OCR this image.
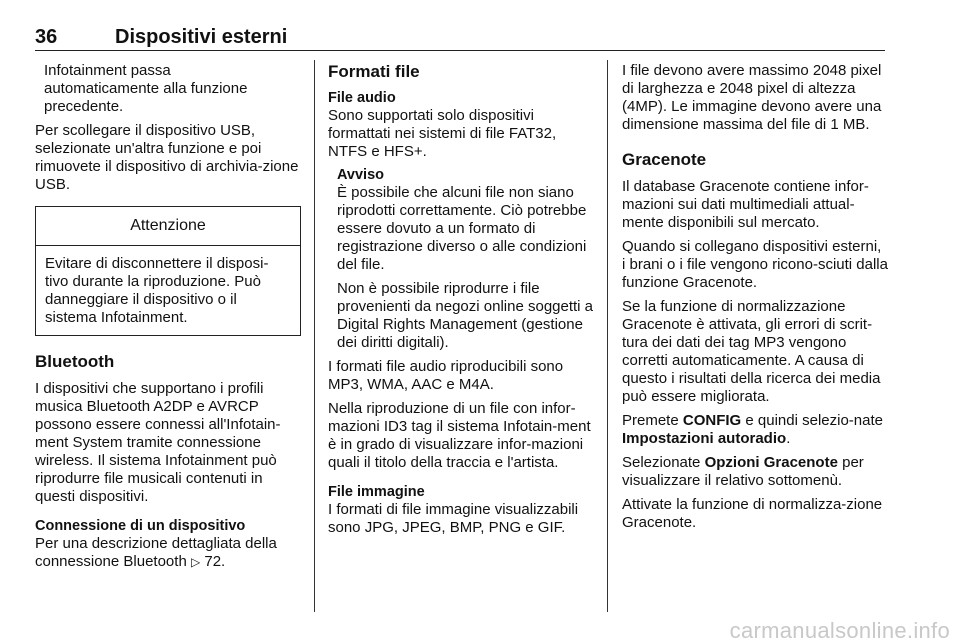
36	Dispositivi esterni

Infotainment passa automaticamente alla funzione precedente.

Per scollegare il dispositivo USB, selezionate un'altra funzione e poi rimuovete il dispositivo di archivia-zione USB.

Attenzione
Evitare di disconnettere il disposi-tivo durante la riproduzione. Può danneggiare il dispositivo o il sistema Infotainment.
Bluetooth

I dispositivi che supportano i profili musica Bluetooth A2DP e AVRCP possono essere connessi all'Infotain-ment System tramite connessione wireless. Il sistema Infotainment può riprodurre file musicali contenuti in questi dispositivi.

Connessione di un dispositivo

Per una descrizione dettagliata della connessione Bluetooth ▷ 72.

Formati file
File audio

Sono supportati solo dispositivi formattati nei sistemi di file FAT32, NTFS e HFS+.

Avviso

È possibile che alcuni file non siano riprodotti correttamente. Ciò potrebbe essere dovuto a un formato di registrazione diverso o alle condizioni del file.

Non è possibile riprodurre i file provenienti da negozi online soggetti a Digital Rights Management (gestione dei diritti digitali).

I formati file audio riproducibili sono MP3, WMA, AAC e M4A.

Nella riproduzione di un file con infor-mazioni ID3 tag il sistema Infotain-ment è in grado di visualizzare infor-mazioni quali il titolo della traccia e l'artista.

File immagine

I formati di file immagine visualizzabili sono JPG, JPEG, BMP, PNG e GIF.

I file devono avere massimo 2048 pixel di larghezza e 2048 pixel di altezza (4MP). Le immagine devono avere una dimensione massima del file di 1 MB.

Gracenote

Il database Gracenote contiene infor-mazioni sui dati multimediali attual-mente disponibili sul mercato.

Quando si collegano dispositivi esterni, i brani o i file vengono ricono-sciuti dalla funzione Gracenote.

Se la funzione di normalizzazione Gracenote è attivata, gli errori di scrit-tura dei dati dei tag MP3 vengono corretti automaticamente. A causa di questo i risultati della ricerca dei media può essere migliorata.

Premete CONFIG e quindi selezio-nate Impostazioni autoradio.

Selezionate Opzioni Gracenote per visualizzare il relativo sottomenù.

Attivate la funzione di normalizza-zione Gracenote.

carmanualsonline.info
